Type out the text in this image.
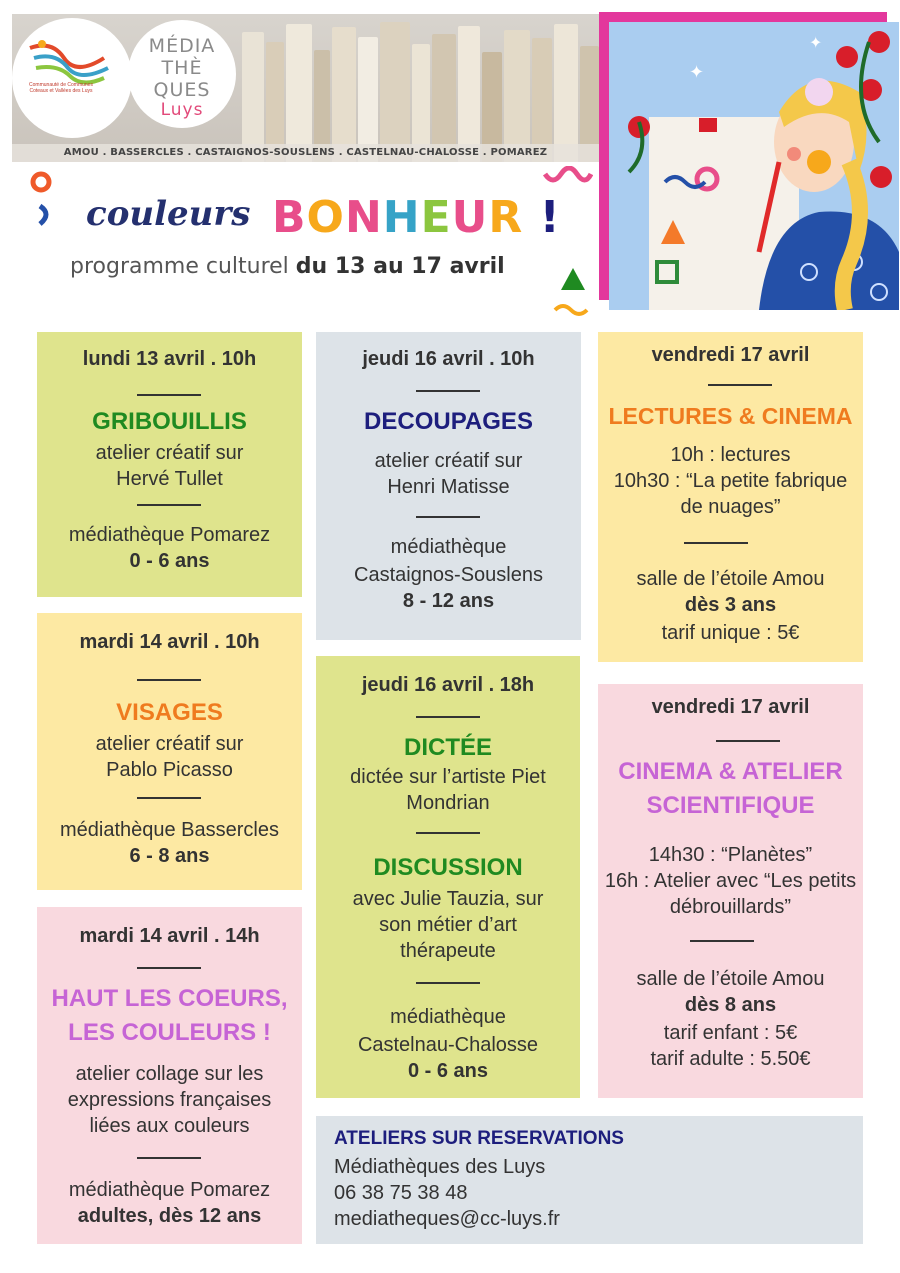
Communauté de Communes
Coteaux et Vallées des Luys
MÉDIA
THÈ
QUES
Luys
AMOU . BASSERCLES . CASTAIGNOS-SOUSLENS . CASTELNAU-CHALOSSE . POMAREZ
✦
✦
couleurs BONHEUR !
programme culturel du 13 au 17 avril
lundi 13 avril . 10h
GRIBOUILLIS
atelier créatif sur
Hervé Tullet
médiathèque Pomarez
0 - 6 ans
mardi 14 avril . 10h
VISAGES
atelier créatif sur
Pablo Picasso
médiathèque Bassercles
6 - 8 ans
mardi 14 avril . 14h
HAUT LES COEURS,
LES COULEURS !
atelier collage sur les
expressions françaises
liées aux couleurs
médiathèque Pomarez
adultes, dès 12 ans
jeudi 16 avril . 10h
DECOUPAGES
atelier créatif sur
Henri Matisse
médiathèque
Castaignos-Souslens
8 - 12 ans
jeudi 16 avril . 18h
DICTÉE
dictée sur l’artiste Piet
Mondrian
DISCUSSION
avec Julie Tauzia, sur
son métier d’art
thérapeute
médiathèque
Castelnau-Chalosse
0 - 6 ans
vendredi 17 avril
LECTURES & CINEMA
10h : lectures
10h30 : “La petite fabrique
de nuages”
salle de l’étoile Amou
dès 3 ans
tarif unique : 5€
vendredi 17 avril
CINEMA & ATELIER
SCIENTIFIQUE
14h30 : “Planètes”
16h : Atelier avec “Les petits
débrouillards”
salle de l’étoile Amou
dès 8 ans
tarif enfant : 5€
tarif adulte : 5.50€
ATELIERS SUR RESERVATIONS
Médiathèques des Luys
06 38 75 38 48
mediatheques@cc-luys.fr
